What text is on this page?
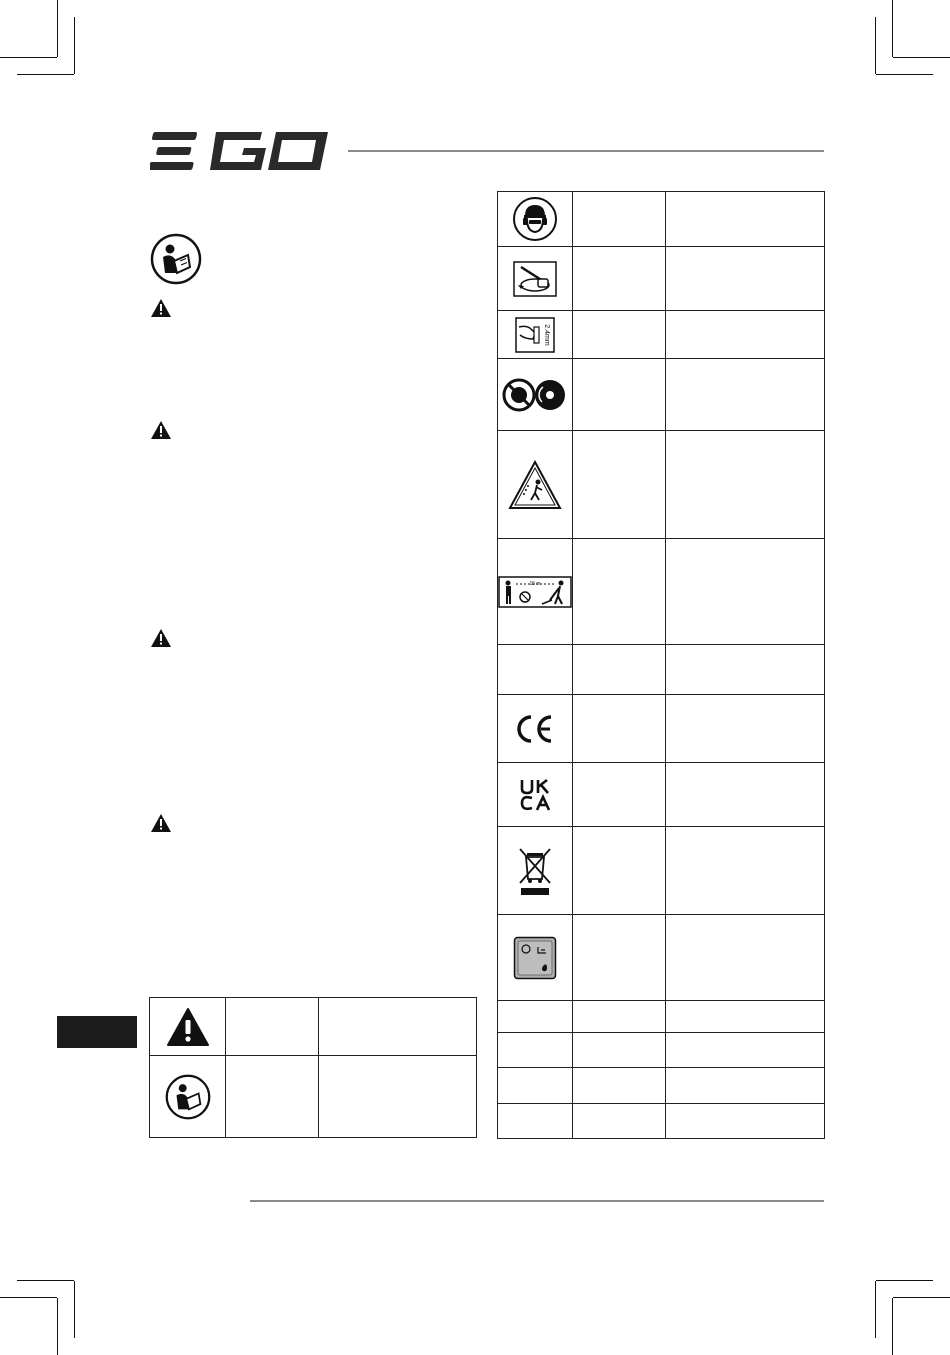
2.4mm		

15 m		
